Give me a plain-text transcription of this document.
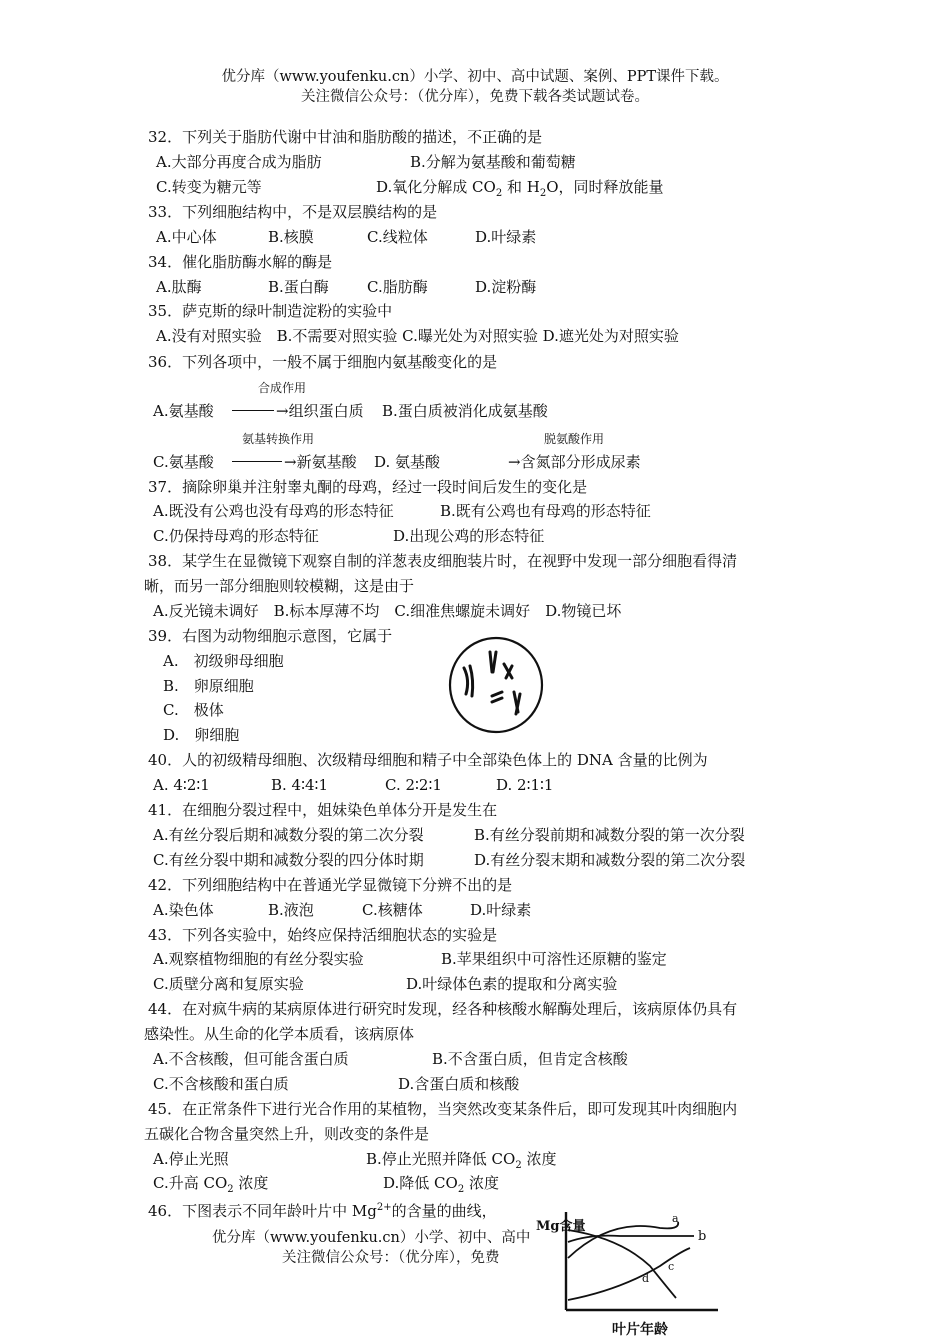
优分库（www.youfenku.cn）小学、初中、高中试题、案例、PPT课件下载。
关注微信公众号：（优分库），免费下载各类试题试卷。
32．下列关于脂肪代谢中甘油和脂肪酸的描述，不正确的是
A.大部分再度合成为脂肪	B.分解为氨基酸和葡萄糖
C.转变为糖元等	D.氧化分解成 $CO_2$ 和 $H_2O$，同时释放能量
33．下列细胞结构中，不是双层膜结构的是
A.中心体	B.核膜	C.线粒体	D.叶绿素
34．催化脂肪酶水解的酶是
A.肽酶	B.蛋白酶	C.脂肪酶	D.淀粉酶
35．萨克斯的绿叶制造淀粉的实验中
A.没有对照实验　B.不需要对照实验 C.曝光处为对照实验 D.遮光处为对照实验
36．下列各项中，一般不属于细胞内氨基酸变化的是
合成作用
A.氨基酸	→组织蛋白质 B.蛋白质被消化成氨基酸
氨基转换作用	脱氨酸作用
C.氨基酸	→新氨基酸 D. 氨基酸	→含氮部分形成尿素
37．摘除卵巢并注射睾丸酮的母鸡，经过一段时间后发生的变化是
A.既没有公鸡也没有母鸡的形态特征	B.既有公鸡也有母鸡的形态特征
C.仍保持母鸡的形态特征	D.出现公鸡的形态特征
38．某学生在显微镜下观察自制的洋葱表皮细胞装片时，在视野中发现一部分细胞看得清
晰，而另一部分细胞则较模糊，这是由于
A.反光镜未调好　B.标本厚薄不均　C.细准焦螺旋未调好　D.物镜已坏
39．右图为动物细胞示意图，它属于
A.　初级卵母细胞
B.　卵原细胞
C.　极体
D.　卵细胞
40．人的初级精母细胞、次级精母细胞和精子中全部染色体上的 DNA 含量的比例为
A. 4∶2∶1	B. 4∶4∶1	C. 2∶2∶1	D. 2∶1∶1
41．在细胞分裂过程中，姐妹染色单体分开是发生在
A.有丝分裂后期和减数分裂的第二次分裂	B.有丝分裂前期和减数分裂的第一次分裂
C.有丝分裂中期和减数分裂的四分体时期	D.有丝分裂末期和减数分裂的第二次分裂
42．下列细胞结构中在普通光学显微镜下分辨不出的是
A.染色体	B.液泡	C.核糖体	D.叶绿素
43．下列各实验中，始终应保持活细胞状态的实验是
A.观察植物细胞的有丝分裂实验	B.苹果组织中可溶性还原糖的鉴定
C.质壁分离和复原实验	D.叶绿体色素的提取和分离实验
44．在对疯牛病的某病原体进行研究时发现，经各种核酸水解酶处理后，该病原体仍具有
感染性。从生命的化学本质看，该病原体
A.不含核酸，但可能含蛋白质	B.不含蛋白质，但肯定含核酸
C.不含核酸和蛋白质	D.含蛋白质和核酸
45．在正常条件下进行光合作用的某植物，当突然改变某条件后，即可发现其叶肉细胞内
五碳化合物含量突然上升，则改变的条件是
A.停止光照	B.停止光照并降低 $CO_2$ 浓度
C.升高 $CO_2$ 浓度	D.降低 $CO_2$ 浓度
46．下图表示不同年龄叶片中 $Mg^{2+}$的含量的曲线，
优分库（www.youfenku.cn）小学、初中、高中
关注微信公众号：（优分库），免费
Mg含量
叶片年龄
a
b
c
d
